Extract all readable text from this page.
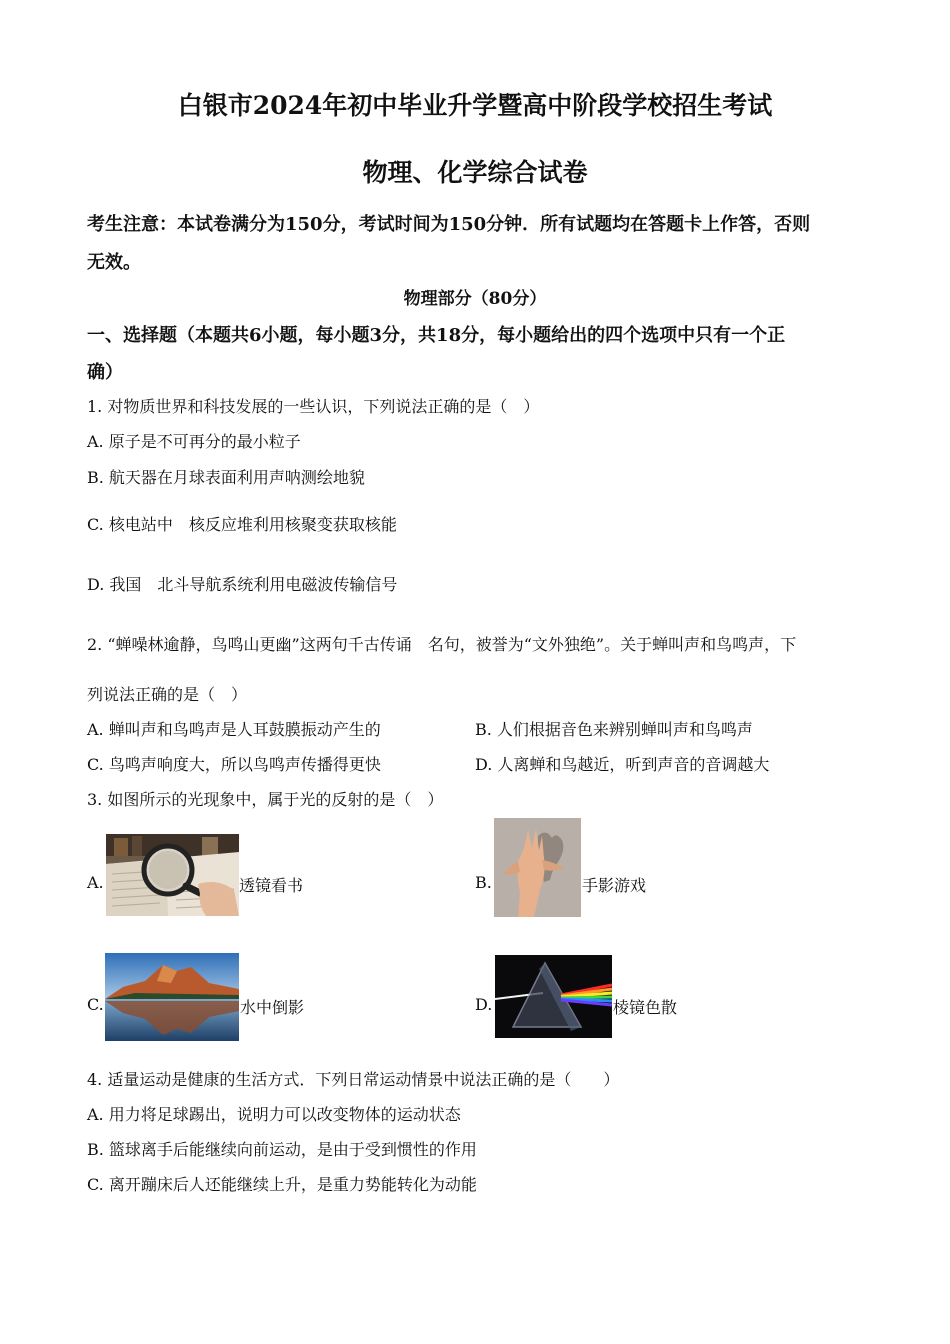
白银市2024年初中毕业升学暨高中阶段学校招生考试
物理、化学综合试卷
考生注意：本试卷满分为150分，考试时间为150分钟．所有试题均在答题卡上作答，否则
无效。
物理部分（80分）
一、选择题（本题共6小题，每小题3分，共18分，每小题给出的四个选项中只有一个正
确）
1. 对物质世界和科技发展的一些认识，下列说法正确的是（　）
A. 原子是不可再分的最小粒子
B. 航天器在月球表面利用声呐测绘地貌
C. 核电站中　核反应堆利用核聚变获取核能
D. 我国　北斗导航系统利用电磁波传输信号
2. “蝉噪林逾静，鸟鸣山更幽”这两句千古传诵　名句，被誉为“文外独绝”。关于蝉叫声和鸟鸣声，下
列说法正确的是（　）
A. 蝉叫声和鸟鸣声是人耳鼓膜振动产生的	B. 人们根据音色来辨别蝉叫声和鸟鸣声
C. 鸟鸣声响度大，所以鸟鸣声传播得更快	D. 人离蝉和鸟越近，听到声音的音调越大
3. 如图所示的光现象中，属于光的反射的是（　）
A.	透镜看书	B.	手影游戏
C.	水中倒影	D.	棱镜色散
4. 适量运动是健康的生活方式．下列日常运动情景中说法正确的是（　　）
A. 用力将足球踢出，说明力可以改变物体的运动状态
B. 篮球离手后能继续向前运动，是由于受到惯性的作用
C. 离开蹦床后人还能继续上升，是重力势能转化为动能
